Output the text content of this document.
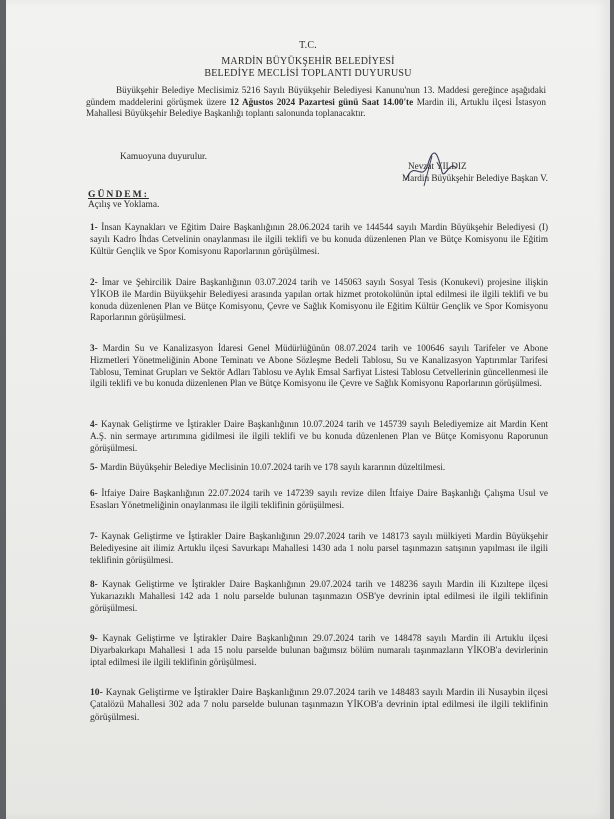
T.C.
MARDİN BÜYÜKŞEHİR BELEDİYESİ
BELEDİYE MECLİSİ TOPLANTI DUYURUSU
Büyükşehir Belediye Meclisimiz 5216 Sayılı Büyükşehir Belediyesi Kanunu'nun 13. Maddesi gereğince aşağıdaki gündem maddelerini görüşmek üzere 12 Ağustos 2024 Pazartesi günü Saat 14.00'te Mardin ili, Artuklu ilçesi İstasyon Mahallesi Büyükşehir Belediye Başkanlığı toplantı salonunda toplanacaktır.
Kamuoyuna duyurulur.
Nevzat YILDIZ
Mardin Büyükşehir Belediye Başkan V.
GÜNDEM:
Açılış ve Yoklama.
1- İnsan Kaynakları ve Eğitim Daire Başkanlığının 28.06.2024 tarih ve 144544 sayılı Mardin Büyükşehir Belediyesi (I) sayılı Kadro İhdas Cetvelinin onaylanması ile ilgili teklifi ve bu konuda düzenlenen Plan ve Bütçe Komisyonu ile Eğitim Kültür Gençlik ve Spor Komisyonu Raporlarının görüşülmesi.
2- İmar ve Şehircilik Daire Başkanlığının 03.07.2024 tarih ve 145063 sayılı Sosyal Tesis (Konukevi) projesine ilişkin YİKOB ile Mardin Büyükşehir Belediyesi arasında yapılan ortak hizmet protokolünün iptal edilmesi ile ilgili teklifi ve bu konuda düzenlenen Plan ve Bütçe Komisyonu, Çevre ve Sağlık Komisyonu ile Eğitim Kültür Gençlik ve Spor Komisyonu Raporlarının görüşülmesi.
3- Mardin Su ve Kanalizasyon İdaresi Genel Müdürlüğünün 08.07.2024 tarih ve 100646 sayılı Tarifeler ve Abone Hizmetleri Yönetmeliğinin Abone Teminatı ve Abone Sözleşme Bedeli Tablosu, Su ve Kanalizasyon Yaptırımlar Tarifesi Tablosu, Teminat Grupları ve Sektör Adları Tablosu ve Aylık Emsal Sarfiyat Listesi Tablosu Cetvellerinin güncellenmesi ile ilgili teklifi ve bu konuda düzenlenen Plan ve Bütçe Komisyonu ile Çevre ve Sağlık Komisyonu Raporlarının görüşülmesi.
4- Kaynak Geliştirme ve İştirakler Daire Başkanlığının 10.07.2024 tarih ve 145739 sayılı Belediyemize ait Mardin Kent A.Ş. nin sermaye artırımına gidilmesi ile ilgili teklifi ve bu konuda düzenlenen Plan ve Bütçe Komisyonu Raporunun görüşülmesi.
5- Mardin Büyükşehir Belediye Meclisinin 10.07.2024 tarih ve 178 sayılı kararının düzeltilmesi.
6- İtfaiye Daire Başkanlığının 22.07.2024 tarih ve 147239 sayılı revize dilen İtfaiye Daire Başkanlığı Çalışma Usul ve Esasları Yönetmeliğinin onaylanması ile ilgili teklifinin görüşülmesi.
7- Kaynak Geliştirme ve İştirakler Daire Başkanlığının 29.07.2024 tarih ve 148173 sayılı mülkiyeti Mardin Büyükşehir Belediyesine ait ilimiz Artuklu ilçesi Savurkapı Mahallesi 1430 ada 1 nolu parsel taşınmazın satışının yapılması ile ilgili teklifinin görüşülmesi.
8- Kaynak Geliştirme ve İştirakler Daire Başkanlığının 29.07.2024 tarih ve 148236 sayılı Mardin ili Kızıltepe ilçesi Yukarıazıklı Mahallesi 142 ada 1 nolu parselde bulunan taşınmazın OSB'ye devrinin iptal edilmesi ile ilgili teklifinin görüşülmesi.
9- Kaynak Geliştirme ve İştirakler Daire Başkanlığının 29.07.2024 tarih ve 148478 sayılı Mardin ili Artuklu ilçesi Diyarbakırkapı Mahallesi 1 ada 15 nolu parselde bulunan bağımsız bölüm numaralı taşınmazların YİKOB'a devirlerinin iptal edilmesi ile ilgili teklifinin görüşülmesi.
10- Kaynak Geliştirme ve İştirakler Daire Başkanlığının 29.07.2024 tarih ve 148483 sayılı Mardin ili Nusaybin ilçesi Çatalözü Mahallesi 302 ada 7 nolu parselde bulunan taşınmazın YİKOB'a devrinin iptal edilmesi ile ilgili teklifinin görüşülmesi.
